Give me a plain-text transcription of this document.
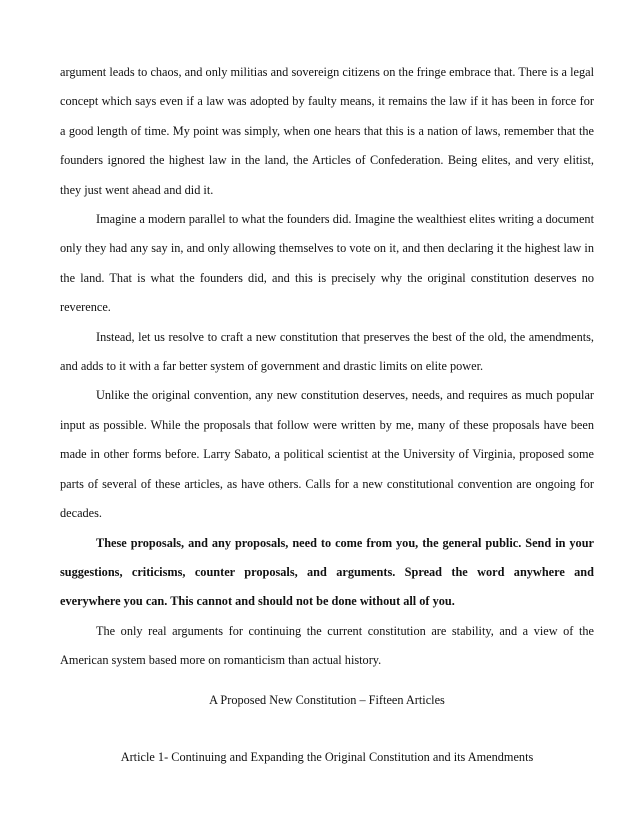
argument leads to chaos, and only militias and sovereign citizens on the fringe embrace that. There is a legal concept which says even if a law was adopted by faulty means, it remains the law if it has been in force for a good length of time. My point was simply, when one hears that this is a nation of laws, remember that the founders ignored the highest law in the land, the Articles of Confederation. Being elites, and very elitist, they just went ahead and did it.

Imagine a modern parallel to what the founders did. Imagine the wealthiest elites writing a document only they had any say in, and only allowing themselves to vote on it, and then declaring it the highest law in the land. That is what the founders did, and this is precisely why the original constitution deserves no reverence.

Instead, let us resolve to craft a new constitution that preserves the best of the old, the amendments, and adds to it with a far better system of government and drastic limits on elite power.

Unlike the original convention, any new constitution deserves, needs, and requires as much popular input as possible. While the proposals that follow were written by me, many of these proposals have been made in other forms before. Larry Sabato, a political scientist at the University of Virginia, proposed some parts of several of these articles, as have others. Calls for a new constitutional convention are ongoing for decades.

These proposals, and any proposals, need to come from you, the general public. Send in your suggestions, criticisms, counter proposals, and arguments. Spread the word anywhere and everywhere you can. This cannot and should not be done without all of you.

The only real arguments for continuing the current constitution are stability, and a view of the American system based more on romanticism than actual history.

A Proposed New Constitution – Fifteen Articles

Article 1- Continuing and Expanding the Original Constitution and its Amendments
